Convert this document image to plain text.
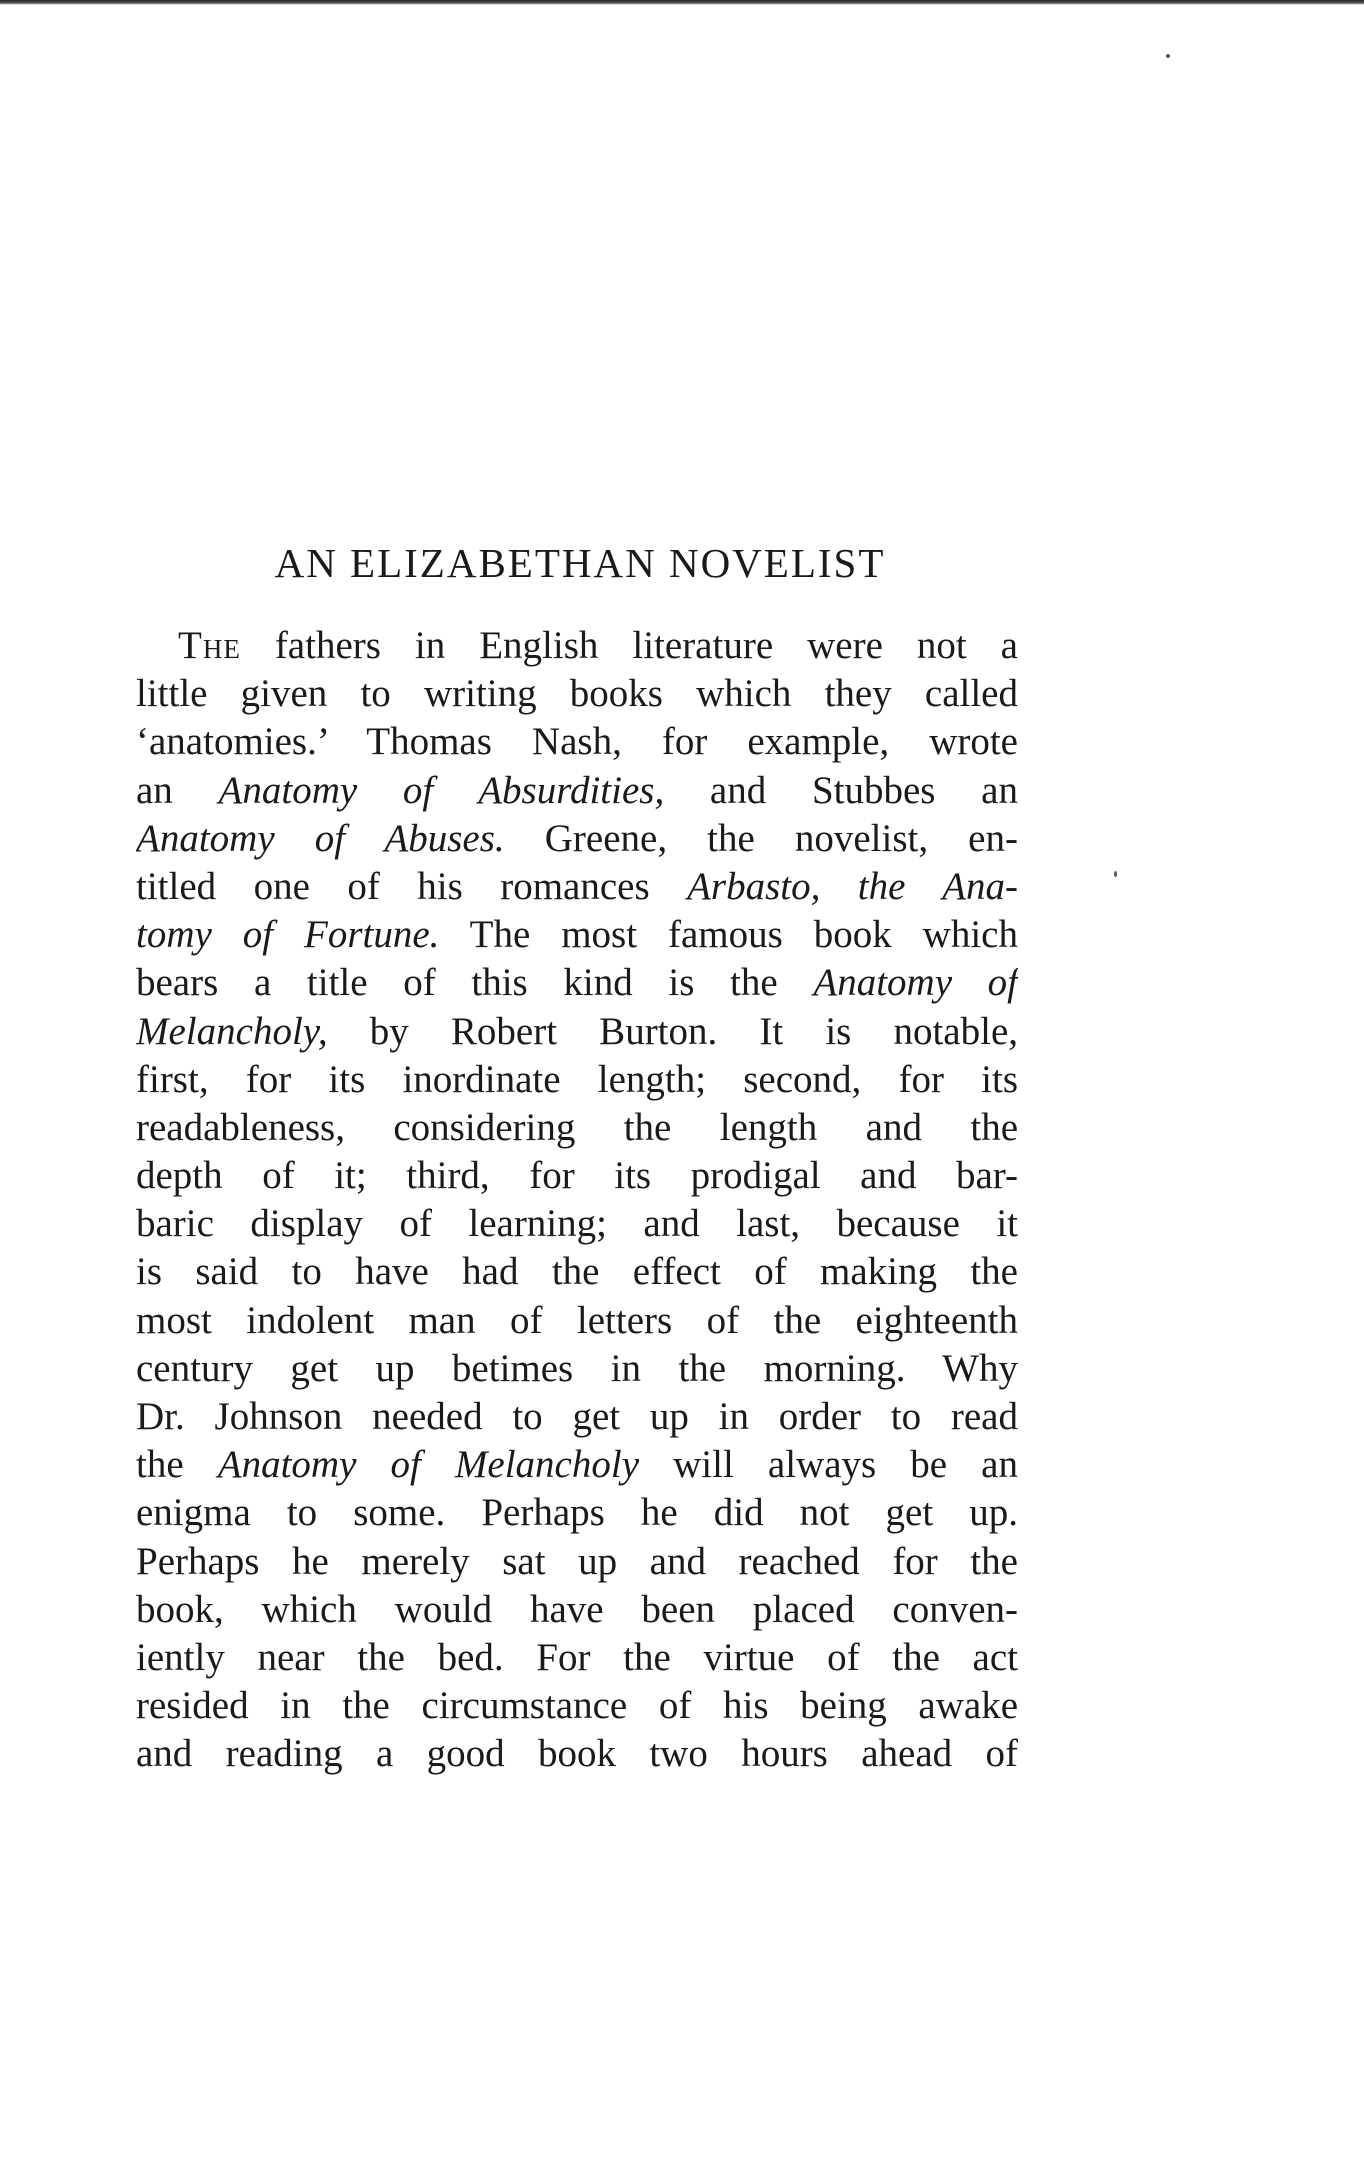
AN ELIZABETHAN NOVELIST
The fathers in English literature were not a
little given to writing books which they called
‘anatomies.’ Thomas Nash, for example, wrote
an Anatomy of Absurdities, and Stubbes an
Anatomy of Abuses. Greene, the novelist, en-
titled one of his romances Arbasto, the Ana-
tomy of Fortune. The most famous book which
bears a title of this kind is the Anatomy of
Melancholy, by Robert Burton. It is notable,
first, for its inordinate length; second, for its
readableness, considering the length and the
depth of it; third, for its prodigal and bar-
baric display of learning; and last, because it
is said to have had the effect of making the
most indolent man of letters of the eighteenth
century get up betimes in the morning. Why
Dr. Johnson needed to get up in order to read
the Anatomy of Melancholy will always be an
enigma to some. Perhaps he did not get up.
Perhaps he merely sat up and reached for the
book, which would have been placed conven-
iently near the bed. For the virtue of the act
resided in the circumstance of his being awake
and reading a good book two hours ahead of
